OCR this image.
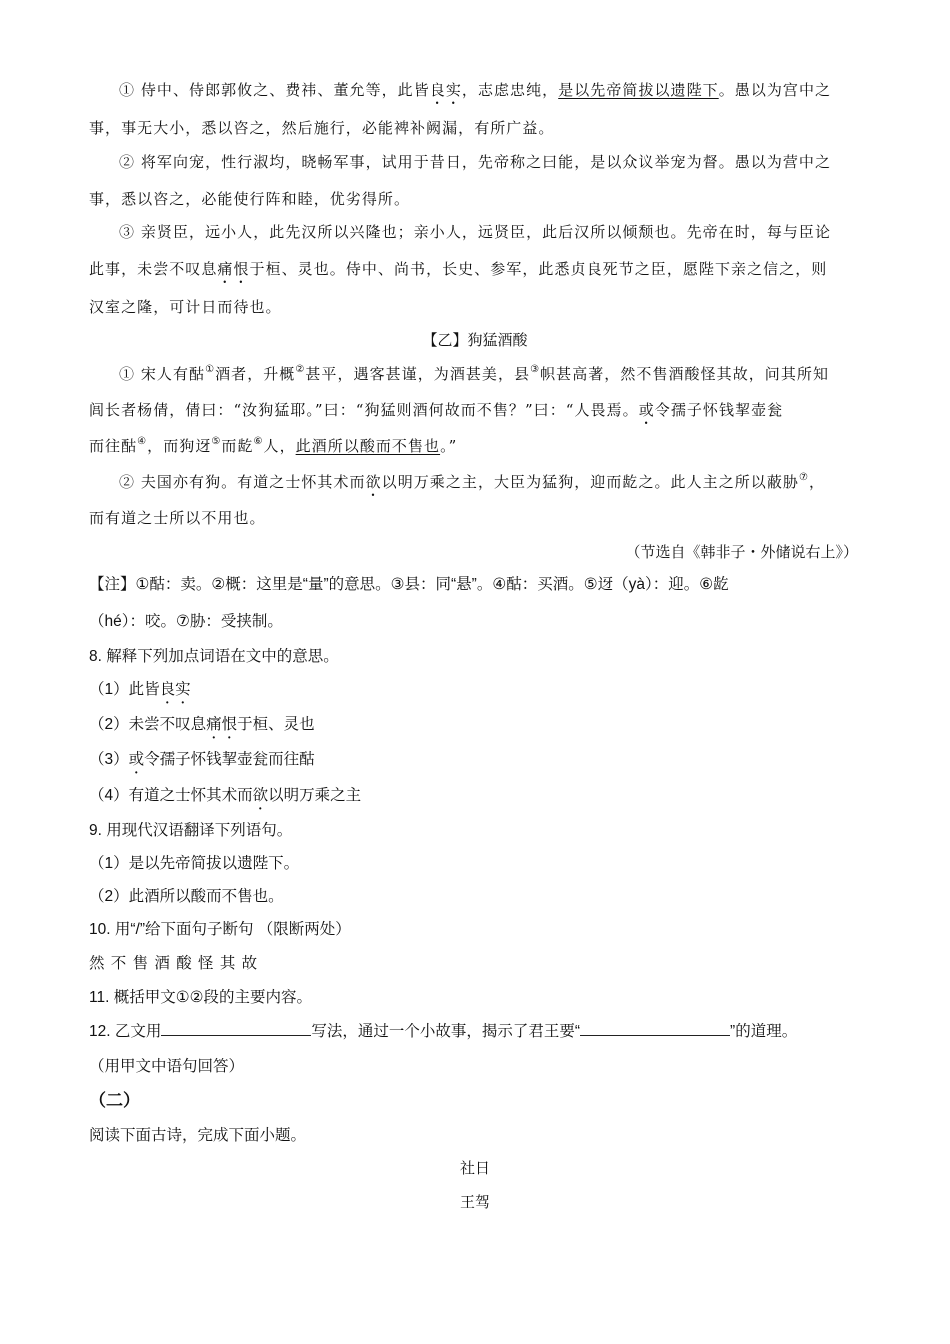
① 侍中、侍郎郭攸之、费祎、董允等，此皆良实，志虑忠纯，是以先帝简拔以遗陛下。愚以为宫中之
事，事无大小，悉以咨之，然后施行，必能裨补阙漏，有所广益。
② 将军向宠，性行淑均，晓畅军事，试用于昔日，先帝称之曰能，是以众议举宠为督。愚以为营中之
事，悉以咨之，必能使行阵和睦，优劣得所。
③ 亲贤臣，远小人，此先汉所以兴隆也；亲小人，远贤臣，此后汉所以倾颓也。先帝在时，每与臣论
此事，未尝不叹息痛恨于桓、灵也。侍中、尚书，长史、参军，此悉贞良死节之臣，愿陛下亲之信之，则
汉室之隆，可计日而待也。
【乙】狗猛酒酸
① 宋人有酤①酒者，升概②甚平，遇客甚谨，为酒甚美，县③帜甚高著，然不售酒酸怪其故，问其所知
闾长者杨倩，倩曰：“汝狗猛耶。”曰：“狗猛则酒何故而不售？”曰：“人畏焉。或令孺子怀钱挈壶瓮
而往酤④，而狗迓⑤而龁⑥人，此酒所以酸而不售也。”
② 夫国亦有狗。有道之士怀其术而欲以明万乘之主，大臣为猛狗，迎而龁之。此人主之所以蔽胁⑦，
而有道之士所以不用也。
（节选自《韩非子・外储说右上》）
【注】①酤：卖。②概：这里是“量”的意思。③县：同“悬”。④酤：买酒。⑤迓（yà）：迎。⑥龁
（hé）：咬。⑦胁：受挟制。
8. 解释下列加点词语在文中的意思。
（1）此皆良实
（2）未尝不叹息痛恨于桓、灵也
（3）或令孺子怀钱挈壶瓮而往酤
（4）有道之士怀其术而欲以明万乘之主
9. 用现代汉语翻译下列语句。
（1）是以先帝简拔以遗陛下。
（2）此酒所以酸而不售也。
10. 用“/”给下面句子断句 （限断两处）
然 不 售 酒 酸 怪 其 故
11. 概括甲文①②段的主要内容。
12. 乙文用	写法，通过一个小故事，揭示了君王要“	”的道理。
（用甲文中语句回答）
（二）
阅读下面古诗，完成下面小题。
社日
王驾
